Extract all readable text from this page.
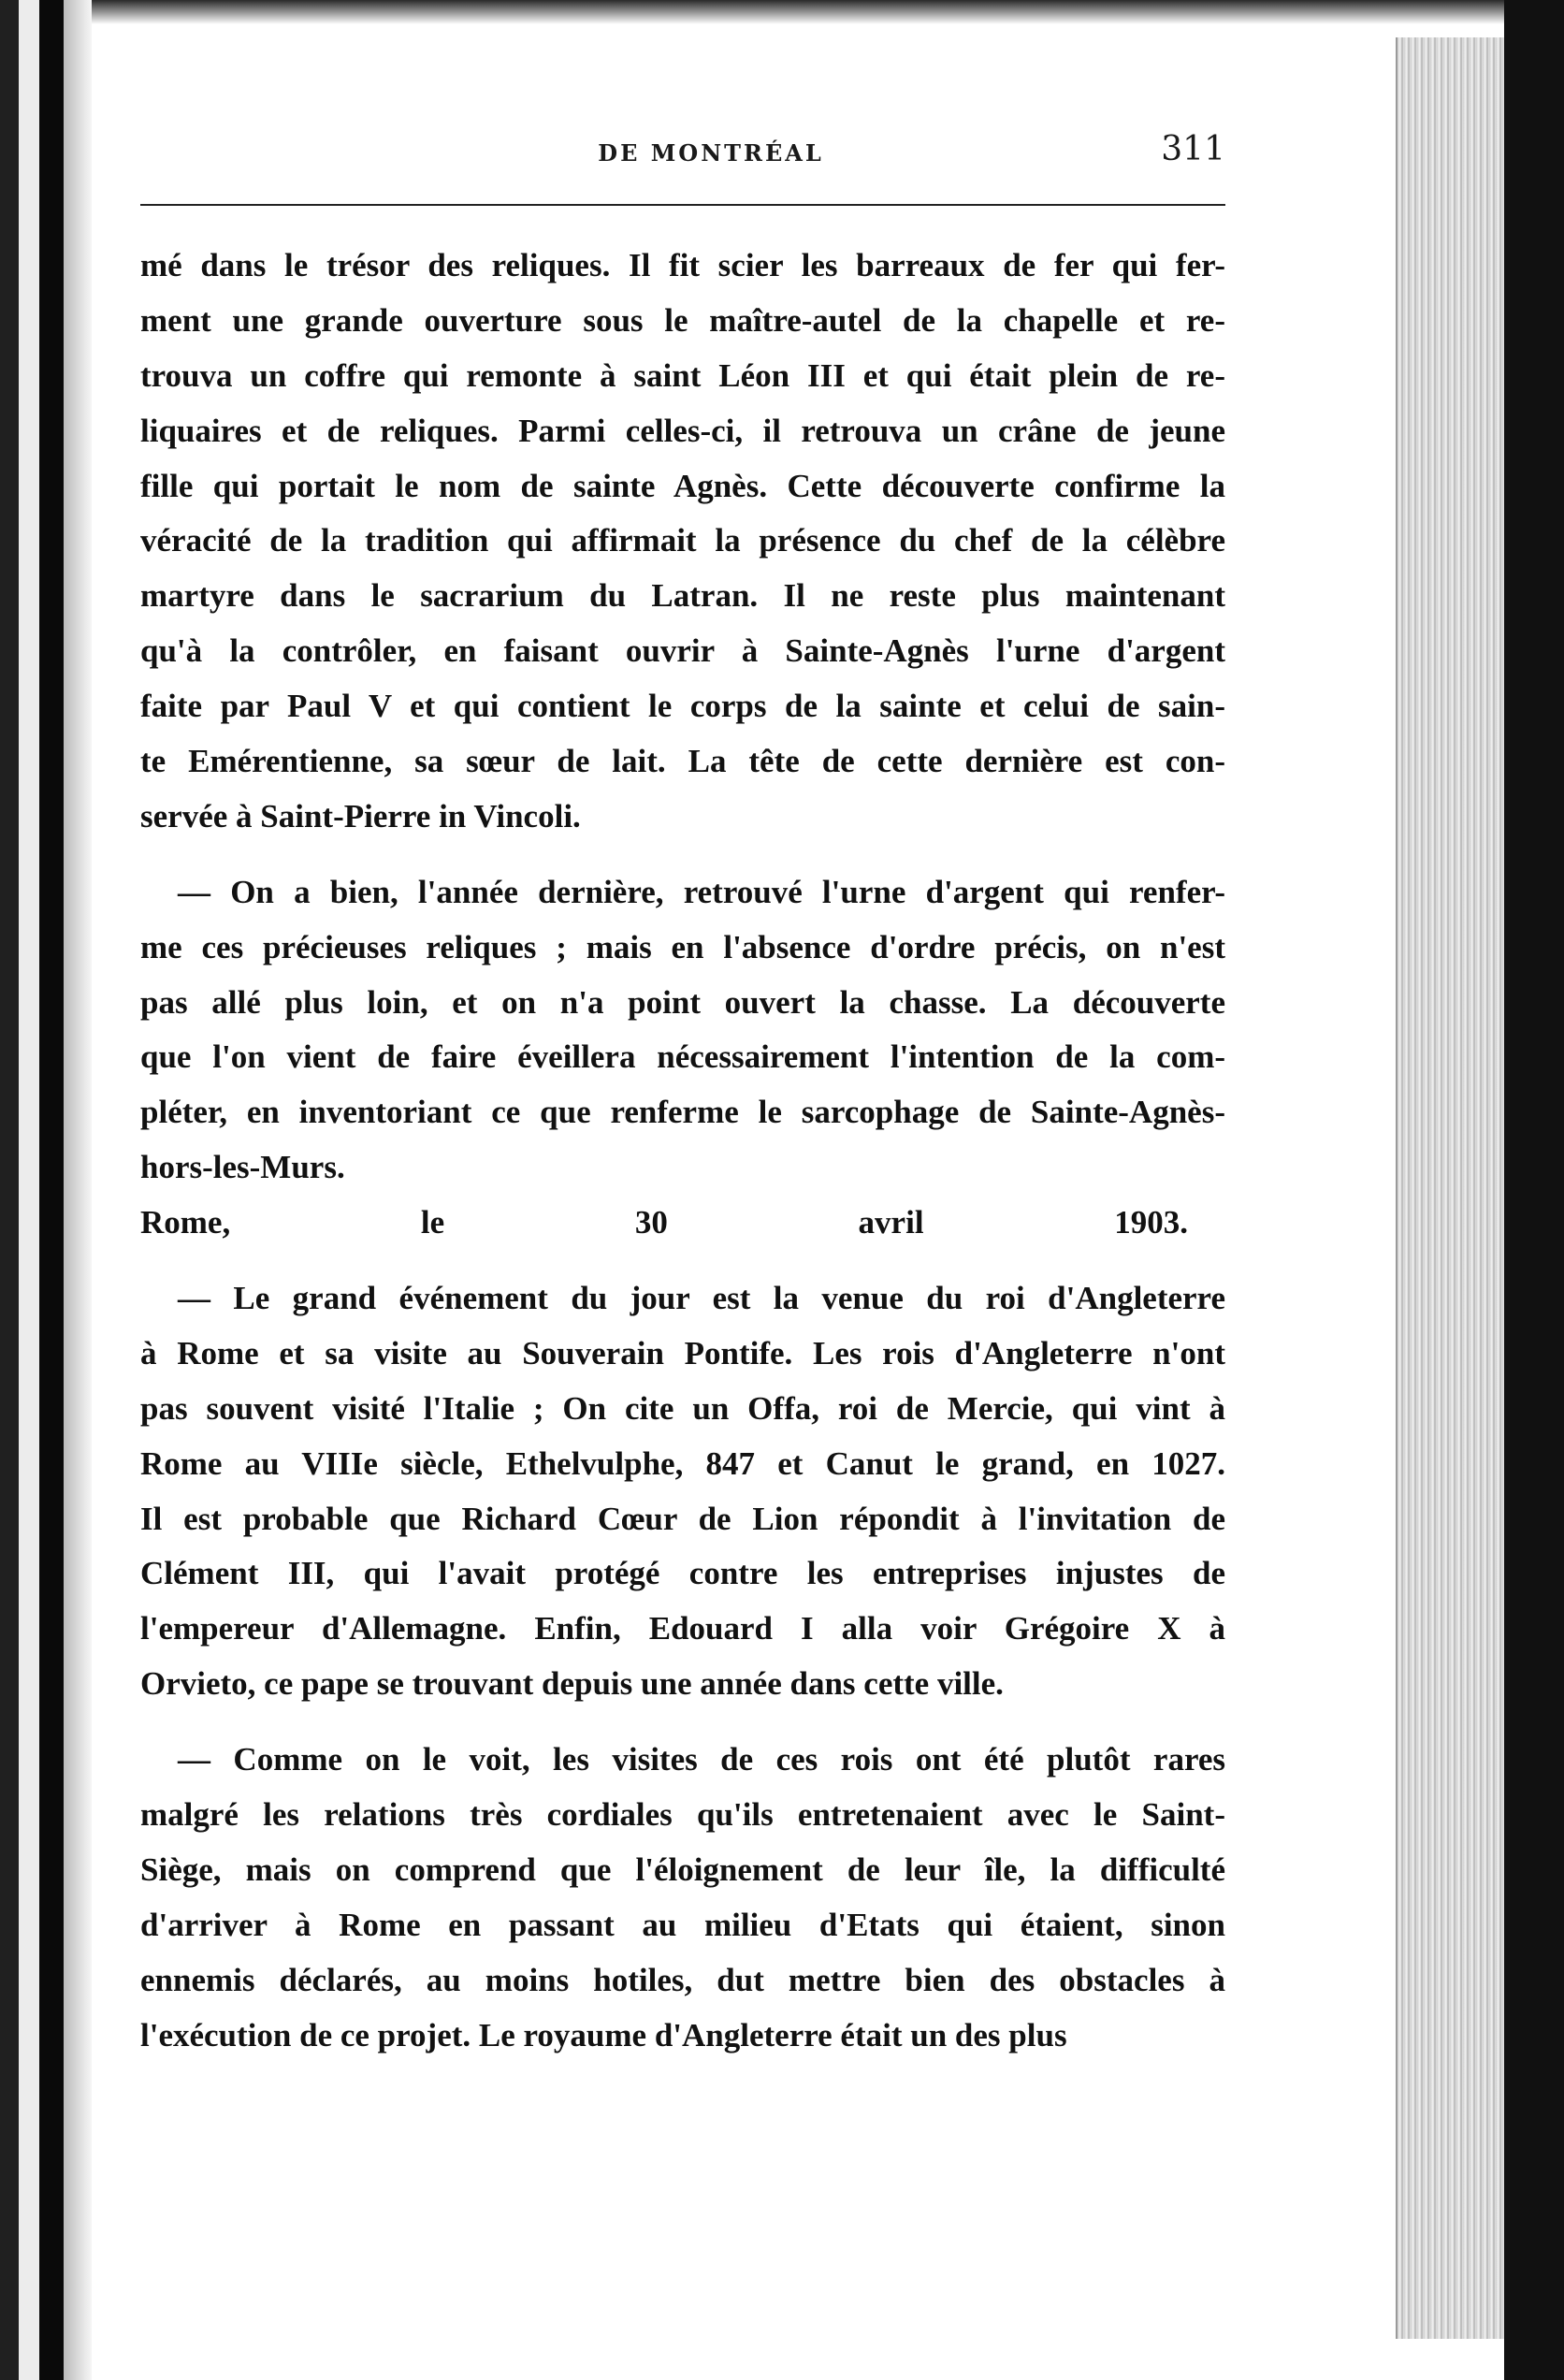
DE MONTRÉAL	311
mé dans le trésor des reliques. Il fit scier les barreaux de fer qui fer-
ment une grande ouverture sous le maître-autel de la chapelle et re-
trouva un coffre qui remonte à saint Léon III et qui était plein de re-
liquaires et de reliques. Parmi celles-ci, il retrouva un crâne de jeune
fille qui portait le nom de sainte Agnès. Cette découverte confirme la
véracité de la tradition qui affirmait la présence du chef de la célèbre
martyre dans le sacrarium du Latran. Il ne reste plus maintenant
qu'à la contrôler, en faisant ouvrir à Sainte-Agnès l'urne d'argent
faite par Paul V et qui contient le corps de la sainte et celui de sain-
te Emérentienne, sa sœur de lait. La tête de cette dernière est con-
servée à Saint-Pierre in Vincoli.
— On a bien, l'année dernière, retrouvé l'urne d'argent qui renfer-
me ces précieuses reliques ; mais en l'absence d'ordre précis, on n'est
pas allé plus loin, et on n'a point ouvert la chasse. La découverte
que l'on vient de faire éveillera nécessairement l'intention de la com-
pléter, en inventoriant ce que renferme le sarcophage de Sainte-Agnès-
hors-les-Murs.
Rome, le 30 avril 1903.
— Le grand événement du jour est la venue du roi d'Angleterre
à Rome et sa visite au Souverain Pontife. Les rois d'Angleterre n'ont
pas souvent visité l'Italie ; On cite un Offa, roi de Mercie, qui vint à
Rome au VIIIe siècle, Ethelvulphe, 847 et Canut le grand, en 1027.
Il est probable que Richard Cœur de Lion répondit à l'invitation de
Clément III, qui l'avait protégé contre les entreprises injustes de
l'empereur d'Allemagne. Enfin, Edouard I alla voir Grégoire X à
Orvieto, ce pape se trouvant depuis une année dans cette ville.
— Comme on le voit, les visites de ces rois ont été plutôt rares
malgré les relations très cordiales qu'ils entretenaient avec le Saint-
Siège, mais on comprend que l'éloignement de leur île, la difficulté
d'arriver à Rome en passant au milieu d'Etats qui étaient, sinon
ennemis déclarés, au moins hotiles, dut mettre bien des obstacles à
l'exécution de ce projet. Le royaume d'Angleterre était un des plus
